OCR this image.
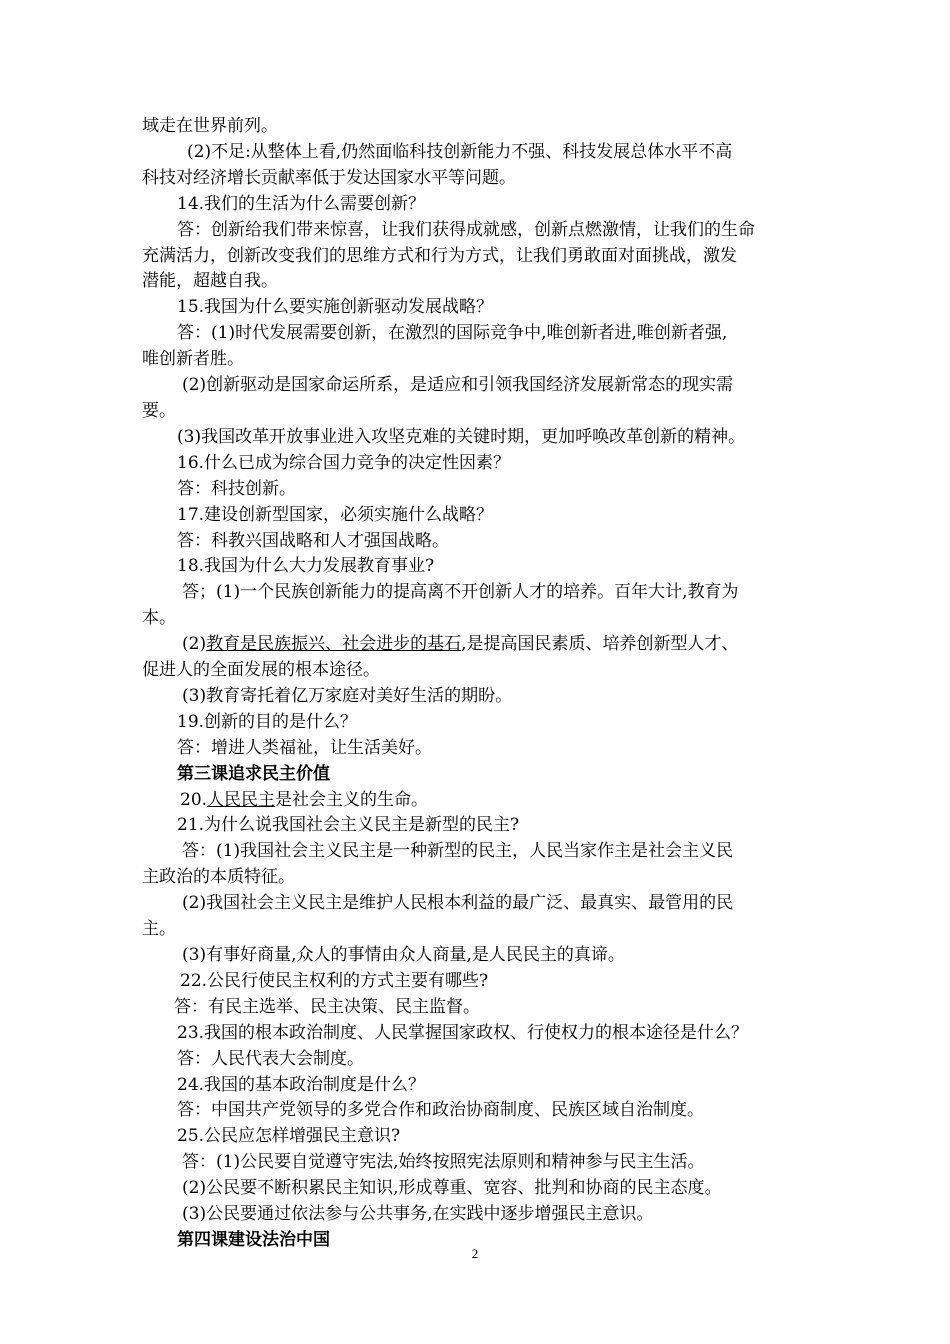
域走在世界前列。
(2)不足:从整体上看,仍然面临科技创新能力不强、科技发展总体水平不高
科技对经济增长贡献率低于发达国家水平等问题。
14.我们的生活为什么需要创新？
答：创新给我们带来惊喜，让我们获得成就感，创新点燃激情，让我们的生命
充满活力，创新改变我们的思维方式和行为方式，让我们勇敢面对面挑战，激发
潜能，超越自我。
15.我国为什么要实施创新驱动发展战略？
答：(1)时代发展需要创新，在激烈的国际竞争中,唯创新者进,唯创新者强,
唯创新者胜。
(2)创新驱动是国家命运所系，是适应和引领我国经济发展新常态的现实需
要。
(3)我国改革开放事业进入攻坚克难的关键时期，更加呼唤改革创新的精神。
16.什么已成为综合国力竞争的决定性因素？
答：科技创新。
17.建设创新型国家，必须实施什么战略？
答：科教兴国战略和人才强国战略。
18.我国为什么大力发展教育事业?
答；(1)一个民族创新能力的提高离不开创新人才的培养。百年大计,教育为
本。
(2)教育是民族振兴、社会进步的基石,是提高国民素质、培养创新型人才、
促进人的全面发展的根本途径。
(3)教育寄托着亿万家庭对美好生活的期盼。
19.创新的目的是什么？
答：增进人类福祉，让生活美好。
第三课追求民主价值
20.人民民主是社会主义的生命。
21.为什么说我国社会主义民主是新型的民主?
答：(1)我国社会主义民主是一种新型的民主，人民当家作主是社会主义民
主政治的本质特征。
(2)我国社会主义民主是维护人民根本利益的最广泛、最真实、最管用的民
主。
(3)有事好商量,众人的事情由众人商量,是人民民主的真谛。
22.公民行使民主权利的方式主要有哪些?
答：有民主选举、民主决策、民主监督。
23.我国的根本政治制度、人民掌握国家政权、行使权力的根本途径是什么？
答：人民代表大会制度。
24.我国的基本政治制度是什么？
答：中国共产党领导的多党合作和政治协商制度、民族区域自治制度。
25.公民应怎样增强民主意识?
答：(1)公民要自觉遵守宪法,始终按照宪法原则和精神参与民主生活。
(2)公民要不断积累民主知识,形成尊重、宽容、批判和协商的民主态度。
(3)公民要通过依法参与公共事务,在实践中逐步增强民主意识。
第四课建设法治中国
2
